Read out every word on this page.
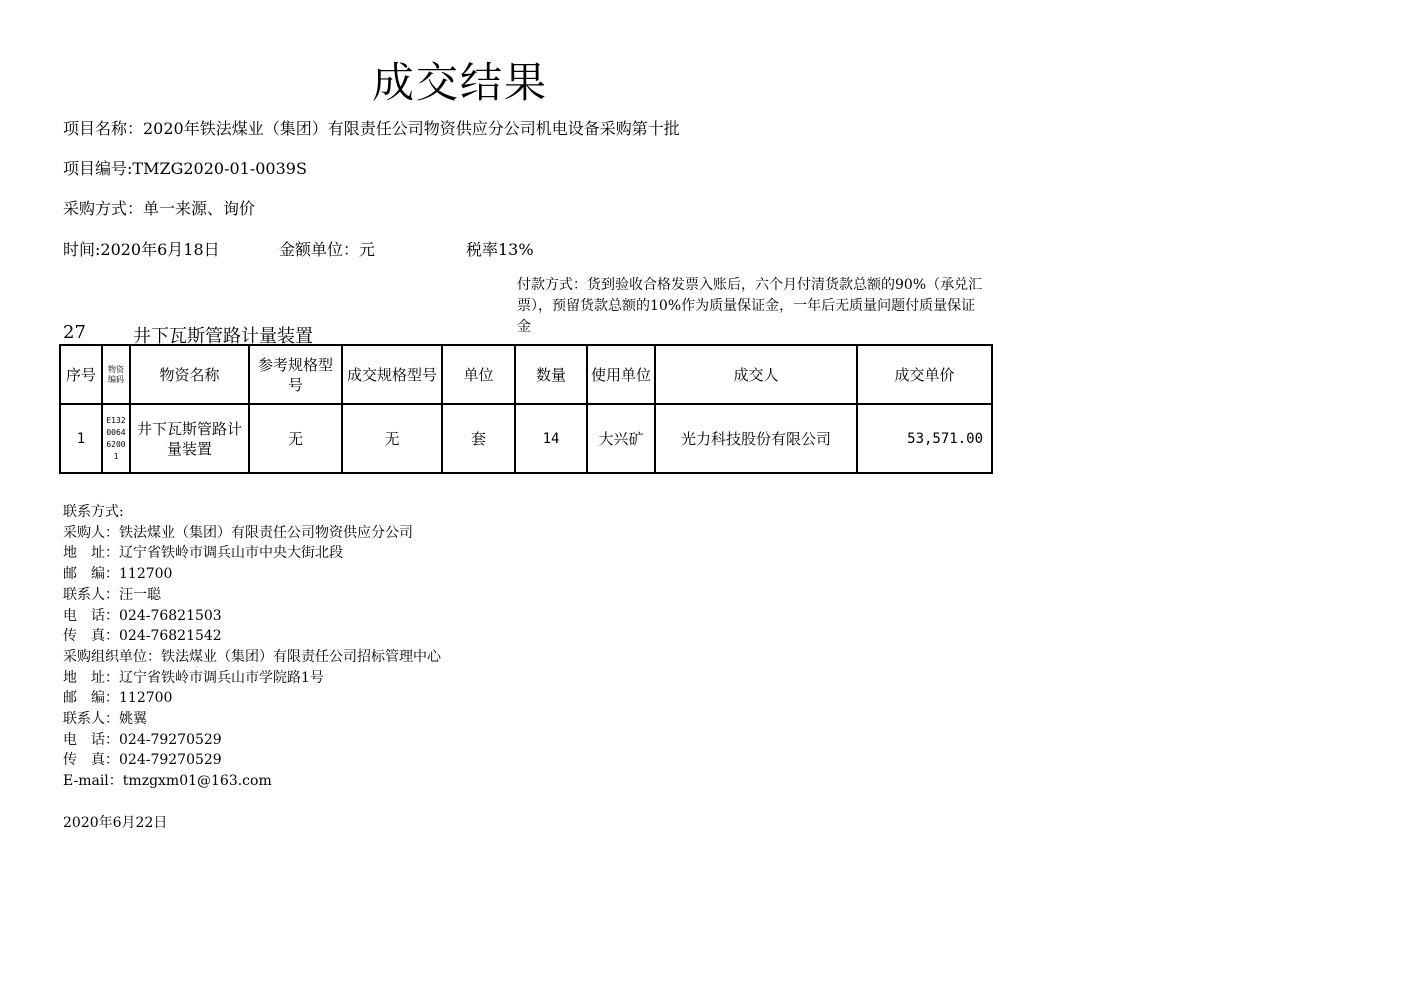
成交结果
项目名称：2020年铁法煤业（集团）有限责任公司物资供应分公司机电设备采购第十批
项目编号:TMZG2020-01-0039S
采购方式：单一来源、询价
时间:2020年6月18日	金额单位：元	税率13%
付款方式：货到验收合格发票入账后，六个月付清货款总额的90%（承兑汇票），预留货款总额的10%作为质量保证金，一年后无质量问题付质量保证金
27	井下瓦斯管路计量装置
序号	物资编码	物资名称	参考规格型号	成交规格型号	单位	数量	使用单位	成交人	成交单价
1	E13200646200 1	井下瓦斯管路计量装置	无	无	套	14	大兴矿	光力科技股份有限公司	53,571.00
联系方式:
采购人：铁法煤业（集团）有限责任公司物资供应分公司
地　址：辽宁省铁岭市调兵山市中央大街北段
邮　编：112700
联系人：汪一聪
电　话：024-76821503
传　真：024-76821542
采购组织单位：铁法煤业（集团）有限责任公司招标管理中心
地　址：辽宁省铁岭市调兵山市学院路1号
邮　编：112700
联系人：姚翼
电　话：024-79270529
传　真：024-79270529
E-mail：tmzgxm01@163.com
2020年6月22日
